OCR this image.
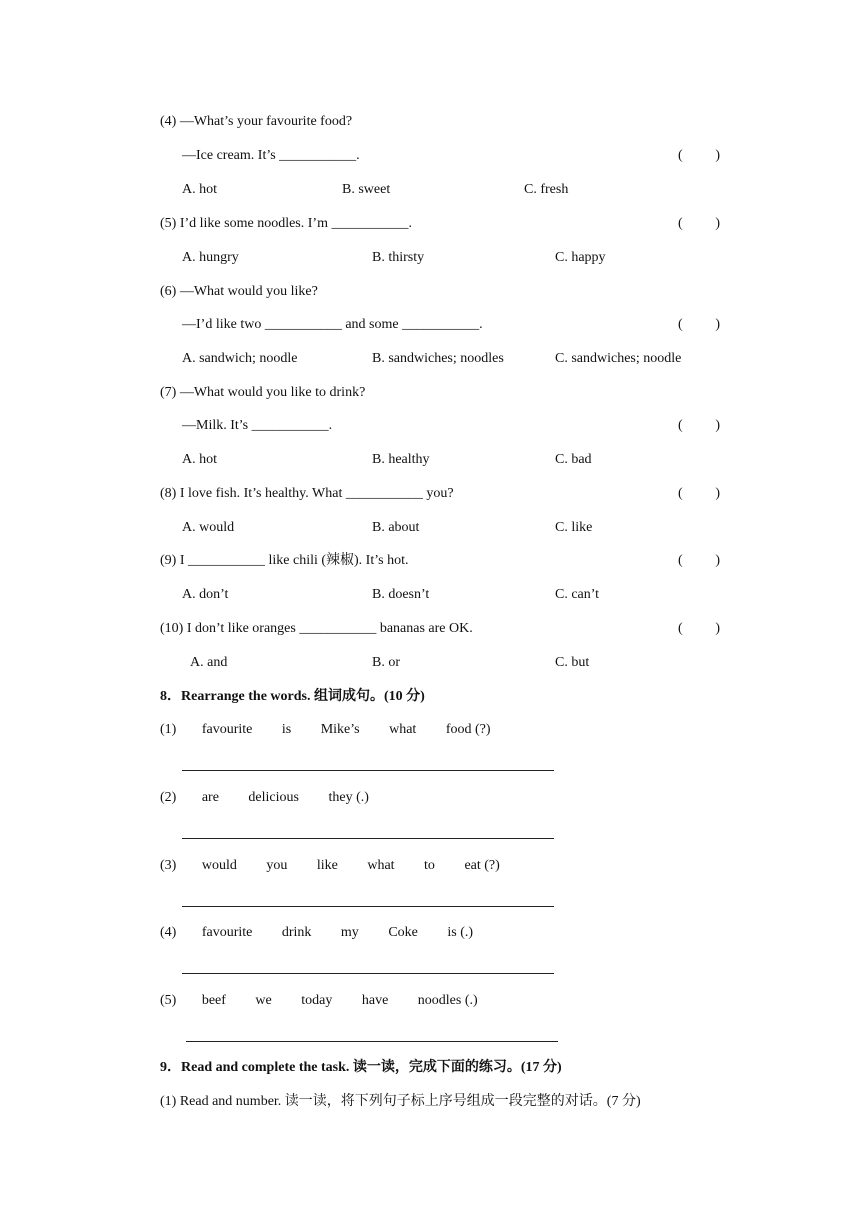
(4) —What’s your favourite food?
—Ice cream. It’s ___________.	( )
A. hot	B. sweet	C. fresh
(5) I’d like some noodles. I’m ___________.	( )
A. hungry	B. thirsty	C. happy
(6) —What would you like?
—I’d like two ___________ and some ___________.	( )
A. sandwich; noodle	B. sandwiches; noodles	C. sandwiches; noodle
(7) —What would you like to drink?
—Milk. It’s ___________.	( )
A. hot	B. healthy	C. bad
(8) I love fish. It’s healthy. What ___________ you?	( )
A. would	B. about	C. like
(9) I ___________ like chili (辣椒). It’s hot.	( )
A. don’t	B. doesn’t	C. can’t
(10) I don’t like oranges ___________ bananas are OK.	( )
A. and	B. or	C. but
8．Rearrange the words. 组词成句。(10 分)
(1) favourite is Mike’s what food (?)
(2) are delicious they (.)
(3) would you like what to eat (?)
(4) favourite drink my Coke is (.)
(5) beef we today have noodles (.)
9．Read and complete the task. 读一读，完成下面的练习。(17 分)
(1) Read and number. 读一读，将下列句子标上序号组成一段完整的对话。(7 分)
